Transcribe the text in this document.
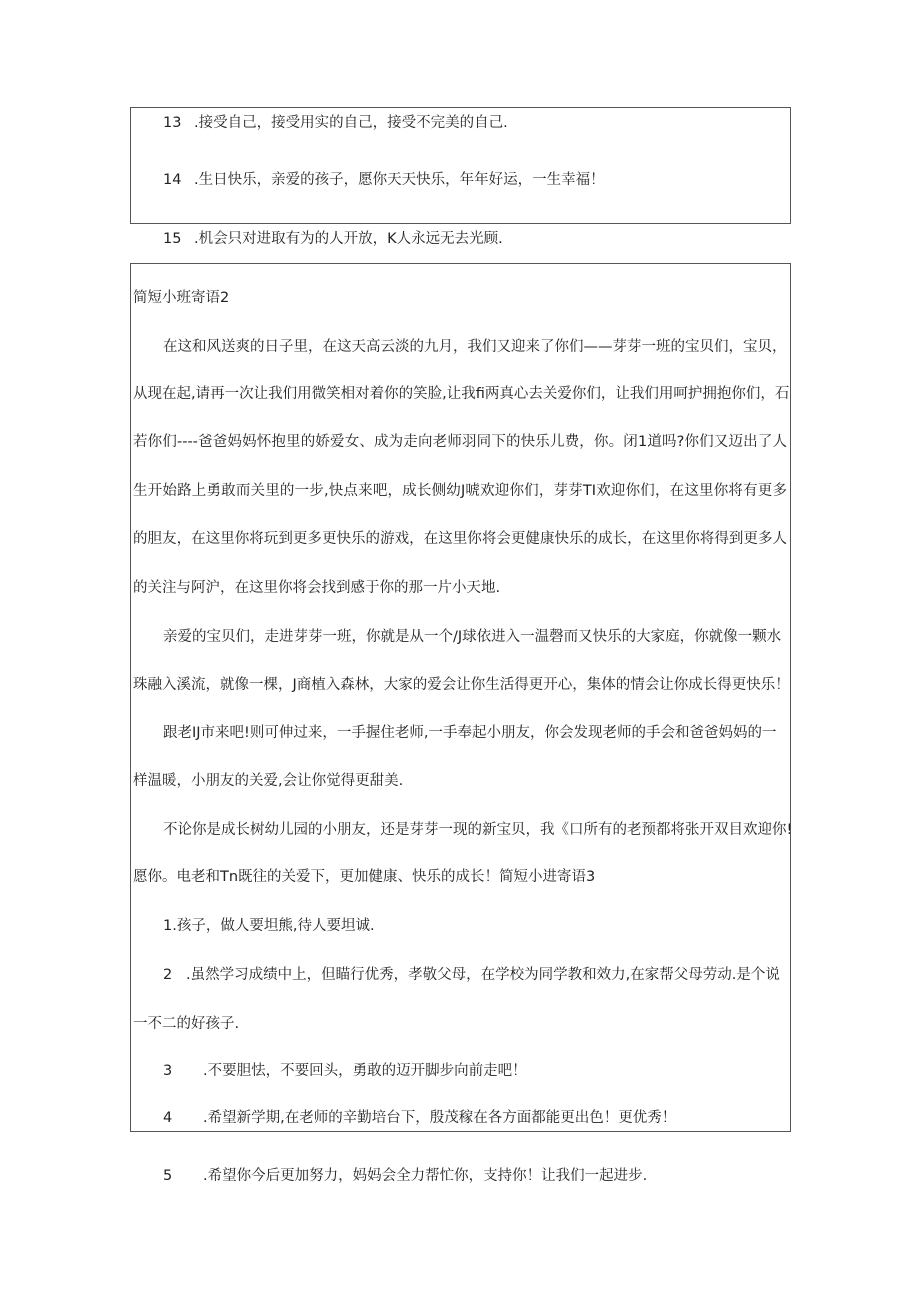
13 .接受自己，接受用实的自己，接受不完美的自己.
14 .生日快乐，亲爱的孩子，愿你天天快乐，年年好运，一生幸福！
15 .机会只对进取有为的人开放，K人永远无去光顾.
简短小班寄语2
在这和风送爽的日子里，在这天高云淡的九月，我们又迎来了你们——芽芽一班的宝贝们，宝贝，
从现在起,请再一次让我们用微笑相对着你的笑脸,让我fi两真心去关爱你们，让我们用呵护拥抱你们，石
若你们----爸爸妈妈怀抱里的娇爱女、成为走向老师羽同下的快乐儿费，你。闭1道吗?你们又迈出了人
生开始路上勇敢而关里的一步,快点来吧，成长侧幼J唬欢迎你们，芽芽TI欢迎你们，在这里你将有更多
的胆友，在这里你将玩到更多更快乐的游戏，在这里你将会更健康快乐的成长，在这里你将得到更多人
的关注与阿沪，在这里你将会找到感于你的那一片小天地.
亲爱的宝贝们，走进芽芽一班，你就是从一个/J球依进入一温磬而又快乐的大家庭，你就像一颗水
珠融入溪流，就像一棵，J商植入森林，大家的爱会让你生活得更开心，集体的情会让你成长得更快乐！
跟老IJ市来吧!则可伸过来，一手握住老师,一手奉起小朋友，你会发现老师的手会和爸爸妈妈的一
样温暖，小朋友的关爱,会让你觉得更甜美.
不论你是成长树幼儿园的小朋友，还是芽芽一现的新宝贝，我《口所有的老预都将张开双目欢迎你!
愿你。电老和Tn既往的关爱下，更加健康、快乐的成长！简短小进寄语3
1.孩子，做人要坦熊,待人要坦诚.
2 .虽然学习成绩中上，但瞄行优秀，孝敬父母，在学校为同学教和效力,在家帮父母劳动.是个说
一不二的好孩子.
3 .不要胆怯，不要回头，勇敢的迈开脚步向前走吧！
4 .希望新学期,在老师的辛勤培台下，殷茂稼在各方面都能更出色！更优秀！
5 .希望你今后更加努力，妈妈会全力帮忙你，支持你！让我们一起进步.
